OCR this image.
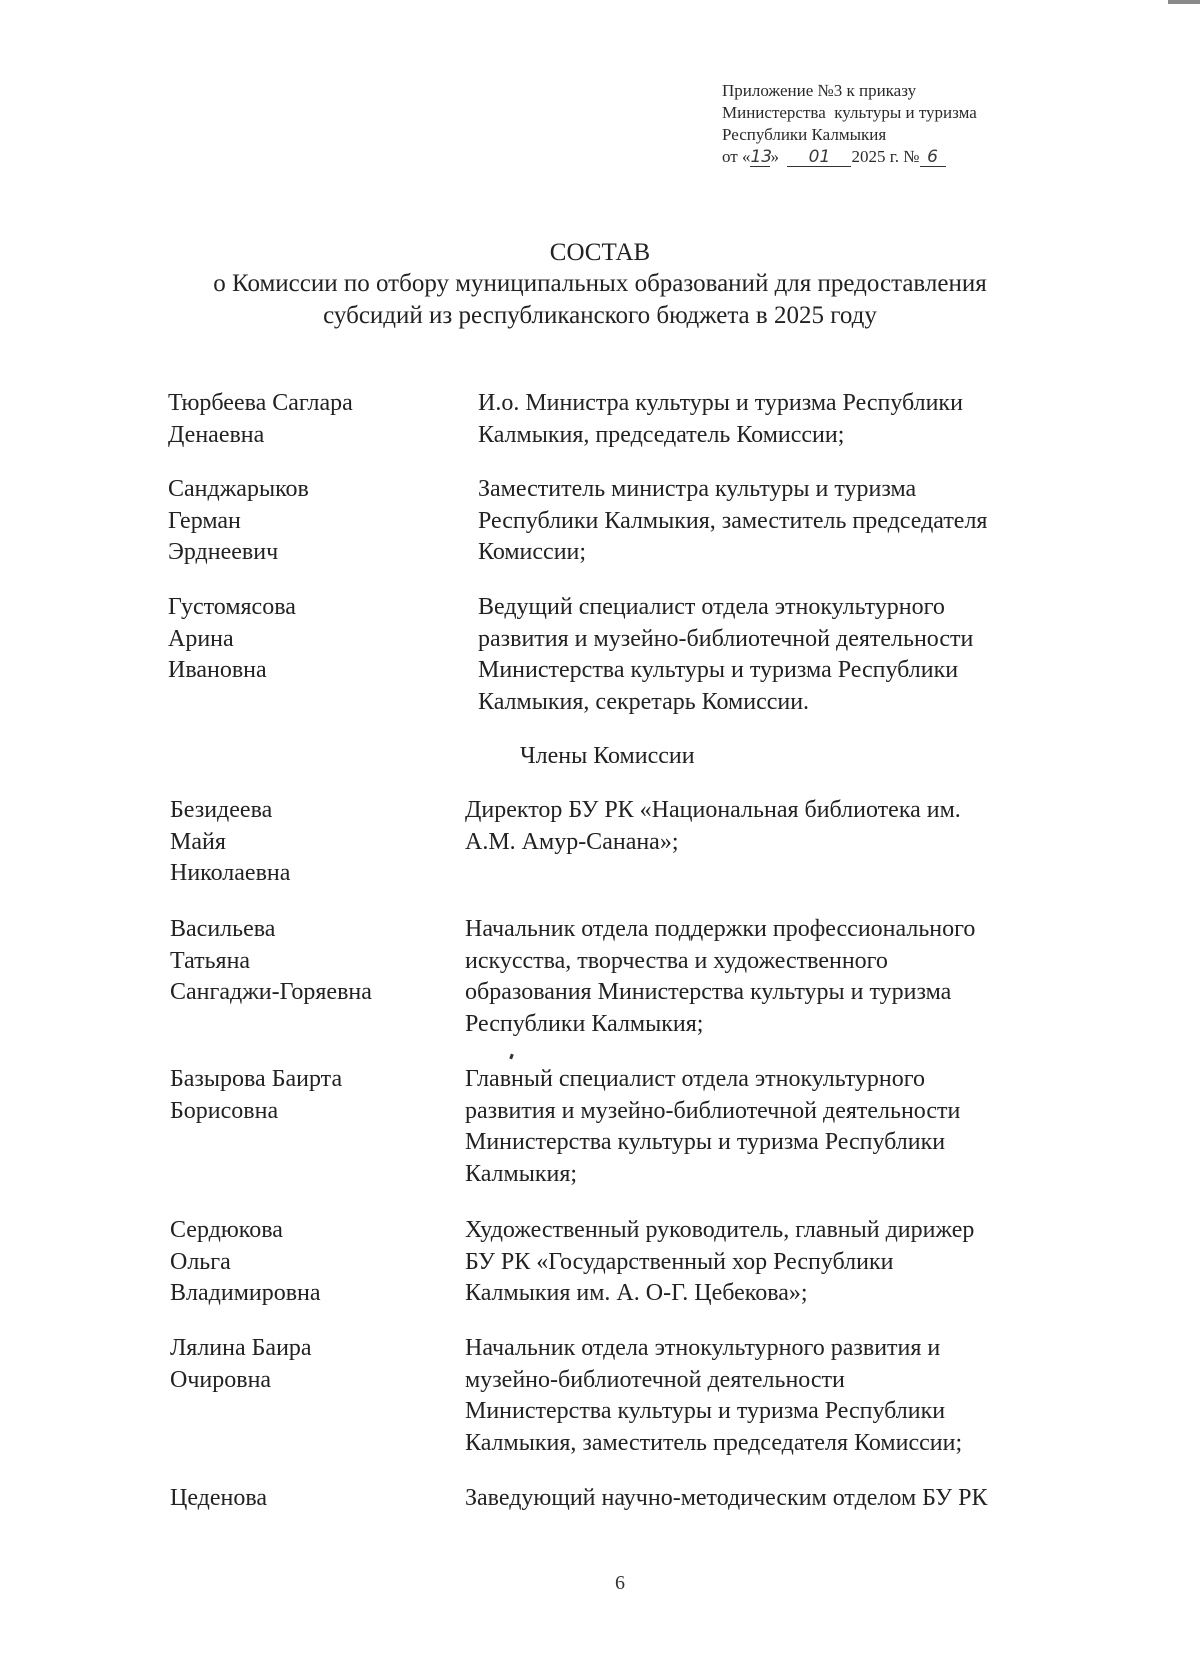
Приложение №3 к приказу
Министерства  культуры и туризма
Республики Калмыкия
от «13»  01 2025 г. № 6
СОСТАВ
о Комиссии по отбору муниципальных образований для предоставления
субсидий из республиканского бюджета в 2025 году
Тюрбеева Саглара
Денаевна
И.о. Министра культуры и туризма Республики
Калмыкия, председатель Комиссии;
Санджарыков
Герман
Эрднеевич
Заместитель министра культуры и туризма
Республики Калмыкия, заместитель председателя
Комиссии;
Густомясова
Арина
Ивановна
Ведущий специалист отдела этнокультурного
развития и музейно-библиотечной деятельности
Министерства культуры и туризма Республики
Калмыкия, секретарь Комиссии.
Члены Комиссии
Безидеева
Майя
Николаевна
Директор БУ РК «Национальная библиотека им.
А.М. Амур-Санана»;
Васильева
Татьяна
Сангаджи-Горяевна
Начальник отдела поддержки профессионального
искусства, творчества и художественного
образования Министерства культуры и туризма
Республики Калмыкия;
Базырова Баирта
Борисовна
Главный специалист отдела этнокультурного
развития и музейно-библиотечной деятельности
Министерства культуры и туризма Республики
Калмыкия;
Сердюкова
Ольга
Владимировна
Художественный руководитель, главный дирижер
БУ РК «Государственный хор Республики
Калмыкия им. А. О-Г. Цебекова»;
Лялина Баира
Очировна
Начальник отдела этнокультурного развития и
музейно-библиотечной деятельности
Министерства культуры и туризма Республики
Калмыкия, заместитель председателя Комиссии;
Цеденова	Заведующий научно-методическим отделом БУ РК
6
